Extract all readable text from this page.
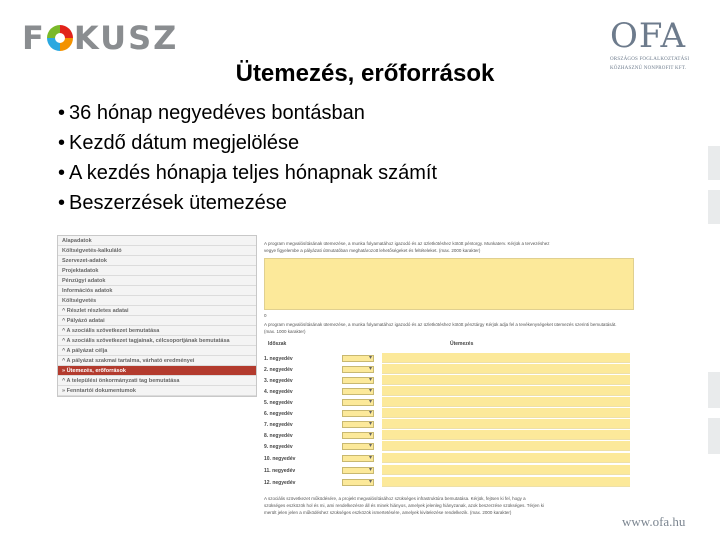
F KUSZ	OFA
ORSZÁGOS FOGLALKOZTATÁSI
KÖZHASZNÚ NONPROFIT KFT.
Ütemezés, erőforrások
• 36 hónap negyedéves bontásban
• Kezdő dátum megjelölése
• A kezdés hónapja teljes hónapnak számít
• Beszerzések ütemezése
Alapadatok
Költségvetés-kalkuláló
Szervezet-adatok
Projektadatok
Pénzügyi adatok
Információs adatok
Költségvetés
^ Részlet részletes adatai
^ Pályázó adatai
^ A szociális szövetkezet bemutatása
^ A szociális szövetkezet tagjainak, célcsoportjának bemutatása
^ A pályázat célja
^ A pályázat szakmai tartalma, várható eredményei
» Ütemezés, erőforrások
^ A települési önkormányzati tag bemutatása
» Fenntartói dokumentumok
A program megvalósításának ütemezése, a munka folyamatához igazodó és az üzletkötéshez kötött péntorgy. Munkaterv. Kérjük a tervezéshez
vegye figyelembe a pályázati útmutatóban meghatározott lehetőségeket és feltételeket. (max. 2000 karakter)
0
A program megvalósításának ütemezése, a munka folyamatához igazodó és az üzletkötéshez kötött pénztárgy Kérjük adja fel a tevékenységeket ütemezés szerinti bemutatását.
(max. 1000 karakter)
Időszak	Ütemezés
1. negyedév
▾
2. negyedév
▾
3. negyedév
▾
4. negyedév
▾
5. negyedév
▾
6. negyedév
▾
7. negyedév
▾
8. negyedév
▾
9. negyedév
▾
10. negyedév
▾
11. negyedév
▾
12. negyedév
▾
A szociális szövetkezet működésére, a projekt megvalósításához szükséges infrastruktúra bemutatása. Kérjük, fejtsen ki fel, hogy a
szükséges eszközök hol és mi, ami rendelkezésre áll és minek hiányos, amelyek jelenleg hiányzanak, azok beszerzése szükséges. Térjen ki
merült jelen jelen a működéshez szükséges eszközök ismertetésére, amelyek kivitelezése rendelkezik. (max. 2000 karakter)
www.ofa.hu
